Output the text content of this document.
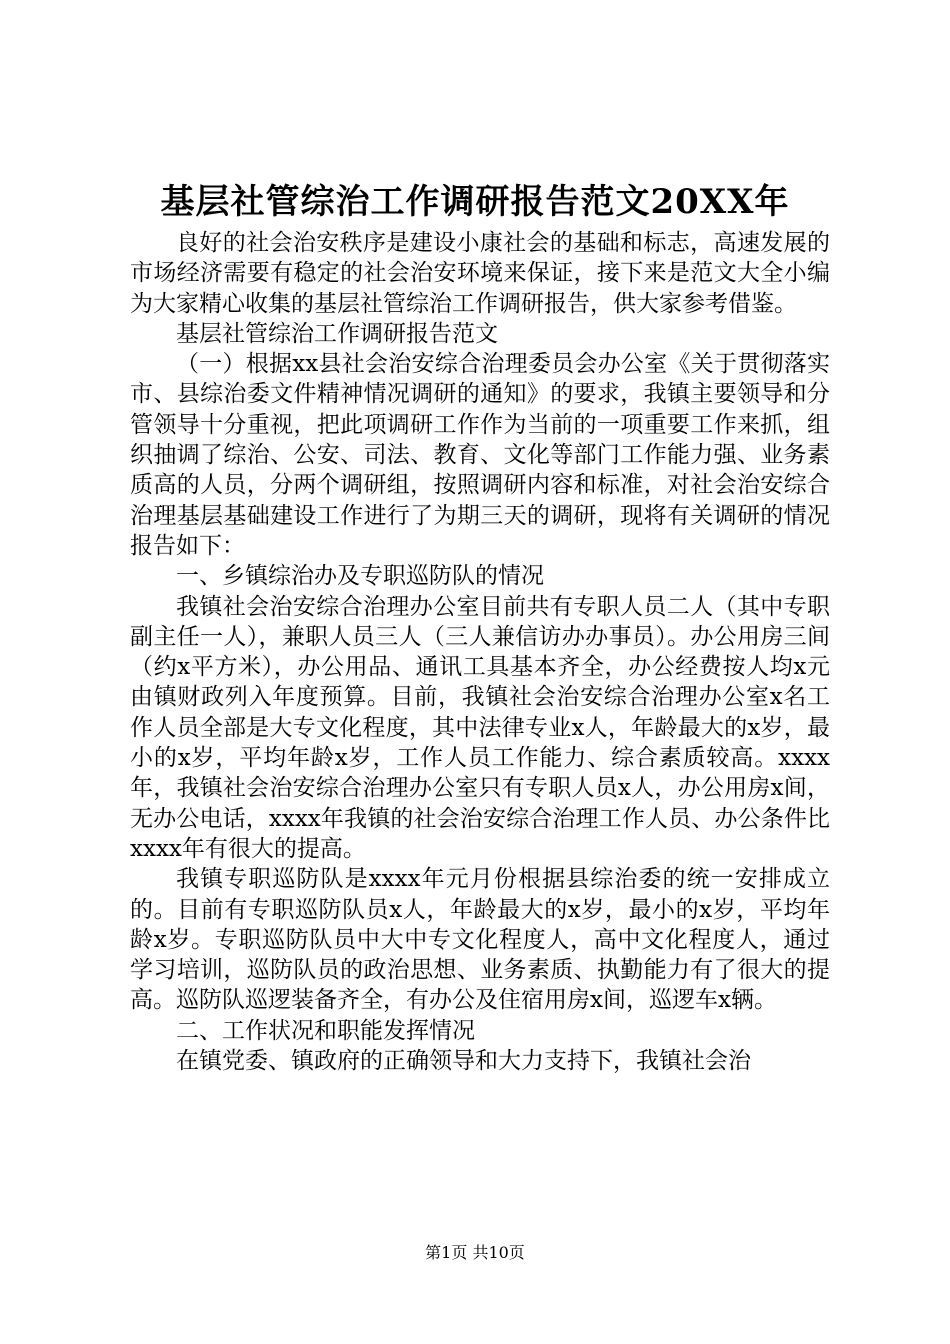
基层社管综治工作调研报告范文20XX年

良好的社会治安秩序是建设小康社会的基础和标志，高速发展的市场经济需要有稳定的社会治安环境来保证，接下来是范文大全小编为大家精心收集的基层社管综治工作调研报告，供大家参考借鉴。

基层社管综治工作调研报告范文

（一）根据xx县社会治安综合治理委员会办公室《关于贯彻落实市、县综治委文件精神情况调研的通知》的要求，我镇主要领导和分管领导十分重视，把此项调研工作作为当前的一项重要工作来抓，组织抽调了综治、公安、司法、教育、文化等部门工作能力强、业务素质高的人员，分两个调研组，按照调研内容和标准，对社会治安综合治理基层基础建设工作进行了为期三天的调研，现将有关调研的情况报告如下：

一、乡镇综治办及专职巡防队的情况

我镇社会治安综合治理办公室目前共有专职人员二人（其中专职副主任一人），兼职人员三人（三人兼信访办办事员）。办公用房三间（约x平方米），办公用品、通讯工具基本齐全，办公经费按人均x元由镇财政列入年度预算。目前，我镇社会治安综合治理办公室x名工作人员全部是大专文化程度，其中法律专业x人，年龄最大的x岁，最小的x岁，平均年龄x岁，工作人员工作能力、综合素质较高。xxxx年，我镇社会治安综合治理办公室只有专职人员x人，办公用房x间，无办公电话，xxxx年我镇的社会治安综合治理工作人员、办公条件比xxxx年有很大的提高。

我镇专职巡防队是xxxx年元月份根据县综治委的统一安排成立的。目前有专职巡防队员x人，年龄最大的x岁，最小的x岁，平均年龄x岁。专职巡防队员中大中专文化程度人，高中文化程度人，通过学习培训，巡防队员的政治思想、业务素质、执勤能力有了很大的提高。巡防队巡逻装备齐全，有办公及住宿用房x间，巡逻车x辆。

二、工作状况和职能发挥情况

在镇党委、镇政府的正确领导和大力支持下，我镇社会治

第1页 共10页
